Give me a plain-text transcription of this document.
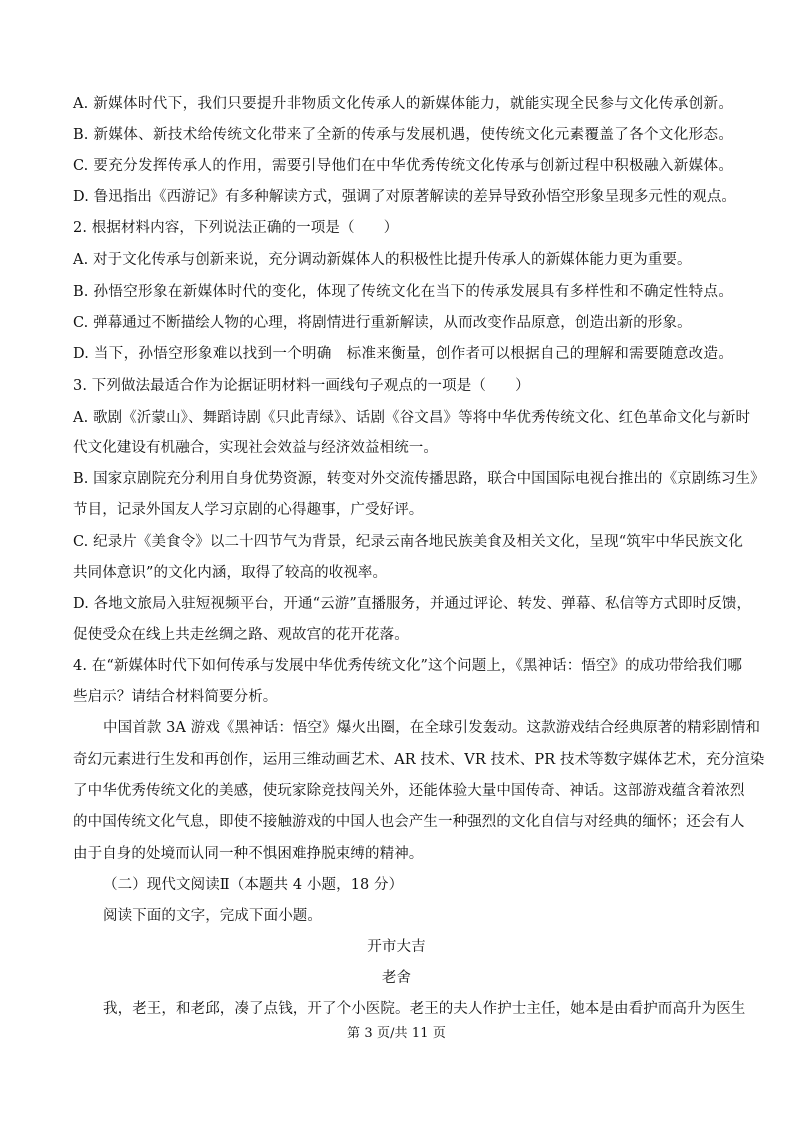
A. 新媒体时代下，我们只要提升非物质文化传承人的新媒体能力，就能实现全民参与文化传承创新。
B. 新媒体、新技术给传统文化带来了全新的传承与发展机遇，使传统文化元素覆盖了各个文化形态。
C. 要充分发挥传承人的作用，需要引导他们在中华优秀传统文化传承与创新过程中积极融入新媒体。
D. 鲁迅指出《西游记》有多种解读方式，强调了对原著解读的差异导致孙悟空形象呈现多元性的观点。
2. 根据材料内容，下列说法正确的一项是（　　）
A. 对于文化传承与创新来说，充分调动新媒体人的积极性比提升传承人的新媒体能力更为重要。
B. 孙悟空形象在新媒体时代的变化，体现了传统文化在当下的传承发展具有多样性和不确定性特点。
C. 弹幕通过不断描绘人物的心理，将剧情进行重新解读，从而改变作品原意，创造出新的形象。
D. 当下，孙悟空形象难以找到一个明确　标准来衡量，创作者可以根据自己的理解和需要随意改造。
3. 下列做法最适合作为论据证明材料一画线句子观点的一项是（　　）
A. 歌剧《沂蒙山》、舞蹈诗剧《只此青绿》、话剧《谷文昌》等将中华优秀传统文化、红色革命文化与新时
代文化建设有机融合，实现社会效益与经济效益相统一。
B. 国家京剧院充分利用自身优势资源，转变对外交流传播思路，联合中国国际电视台推出的《京剧练习生》
节目，记录外国友人学习京剧的心得趣事，广受好评。
C. 纪录片《美食令》以二十四节气为背景，纪录云南各地民族美食及相关文化，呈现“筑牢中华民族文化
共同体意识”的文化内涵，取得了较高的收视率。
D. 各地文旅局入驻短视频平台，开通“云游”直播服务，并通过评论、转发、弹幕、私信等方式即时反馈，
促使受众在线上共走丝绸之路、观故宫的花开花落。
4. 在“新媒体时代下如何传承与发展中华优秀传统文化”这个问题上，《黑神话：悟空》的成功带给我们哪
些启示？请结合材料简要分析。
中国首款 3A 游戏《黑神话：悟空》爆火出圈，在全球引发轰动。这款游戏结合经典原著的精彩剧情和
奇幻元素进行生发和再创作，运用三维动画艺术、AR 技术、VR 技术、PR 技术等数字媒体艺术，充分渲染
了中华优秀传统文化的美感，使玩家除竞技闯关外，还能体验大量中国传奇、神话。这部游戏蕴含着浓烈
的中国传统文化气息，即使不接触游戏的中国人也会产生一种强烈的文化自信与对经典的缅怀；还会有人
由于自身的处境而认同一种不惧困难挣脱束缚的精神。
（二）现代文阅读Ⅱ（本题共 4 小题，18 分）
阅读下面的文字，完成下面小题。
开市大吉
老舍
我，老王，和老邱，凑了点钱，开了个小医院。老王的夫人作护士主任，她本是由看护而高升为医生
第 3 页/共 11 页
